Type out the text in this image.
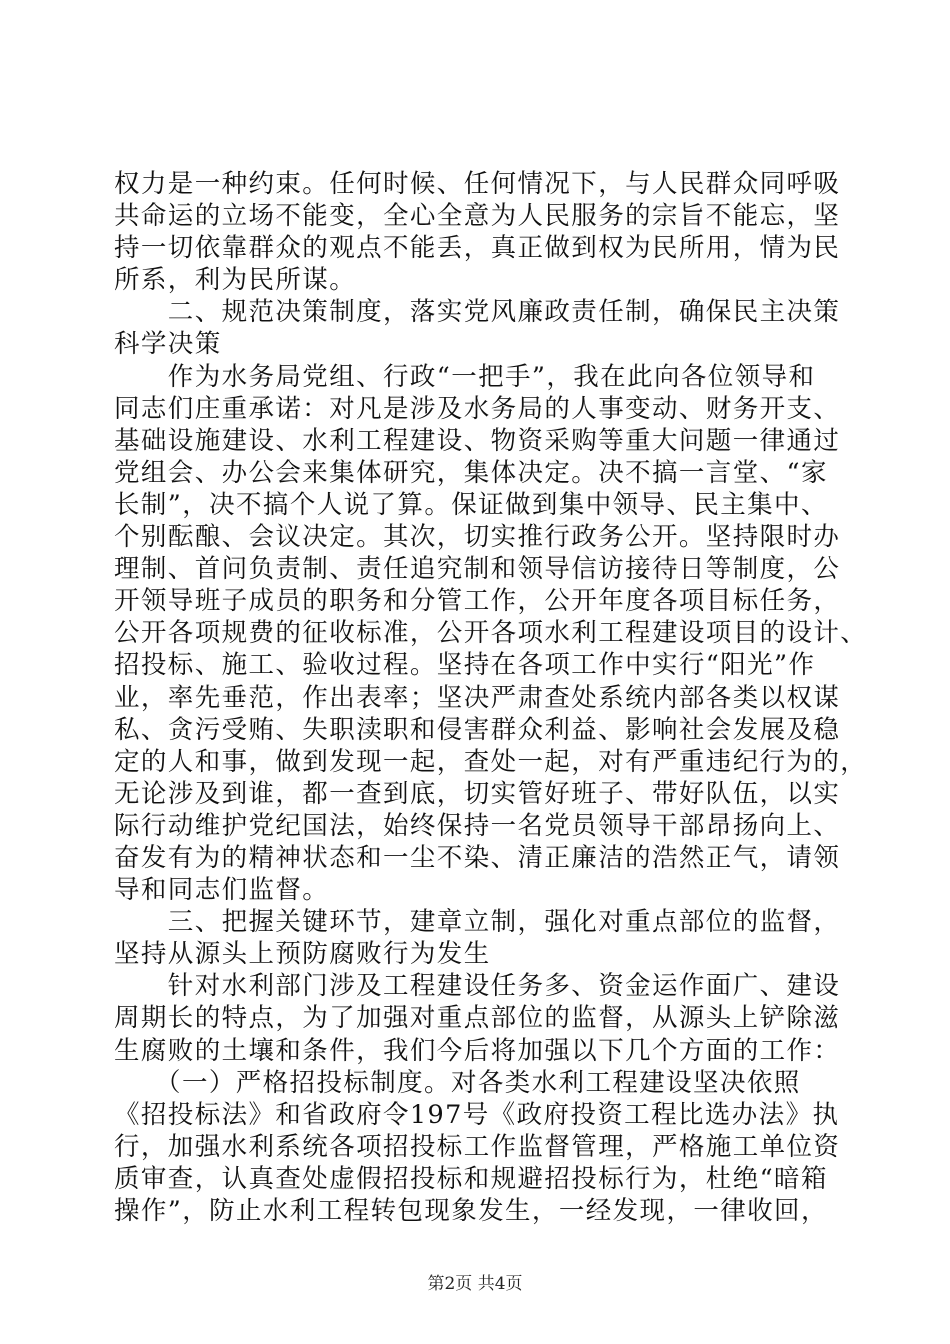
权力是一种约束。任何时候、任何情况下，与人民群众同呼吸
共命运的立场不能变，全心全意为人民服务的宗旨不能忘，坚
持一切依靠群众的观点不能丢，真正做到权为民所用，情为民
所系，利为民所谋。
　　二、规范决策制度，落实党风廉政责任制，确保民主决策
科学决策
　　作为水务局党组、行政“一把手”，我在此向各位领导和
同志们庄重承诺：对凡是涉及水务局的人事变动、财务开支、
基础设施建设、水利工程建设、物资采购等重大问题一律通过
党组会、办公会来集体研究，集体决定。决不搞一言堂、“家
长制”，决不搞个人说了算。保证做到集中领导、民主集中、
个别酝酿、会议决定。其次，切实推行政务公开。坚持限时办
理制、首问负责制、责任追究制和领导信访接待日等制度，公
开领导班子成员的职务和分管工作，公开年度各项目标任务，
公开各项规费的征收标准，公开各项水利工程建设项目的设计、
招投标、施工、验收过程。坚持在各项工作中实行“阳光”作
业，率先垂范，作出表率；坚决严肃查处系统内部各类以权谋
私、贪污受贿、失职渎职和侵害群众利益、影响社会发展及稳
定的人和事，做到发现一起，查处一起，对有严重违纪行为的，
无论涉及到谁，都一查到底，切实管好班子、带好队伍，以实
际行动维护党纪国法，始终保持一名党员领导干部昂扬向上、
奋发有为的精神状态和一尘不染、清正廉洁的浩然正气，请领
导和同志们监督。
　　三、把握关键环节，建章立制，强化对重点部位的监督，
坚持从源头上预防腐败行为发生
　　针对水利部门涉及工程建设任务多、资金运作面广、建设
周期长的特点，为了加强对重点部位的监督，从源头上铲除滋
生腐败的土壤和条件，我们今后将加强以下几个方面的工作：
　　（一）严格招投标制度。对各类水利工程建设坚决依照
《招投标法》和省政府令197号《政府投资工程比选办法》执
行，加强水利系统各项招投标工作监督管理，严格施工单位资
质审查，认真查处虚假招投标和规避招投标行为，杜绝“暗箱
操作”，防止水利工程转包现象发生，一经发现，一律收回，
第2页 共4页
